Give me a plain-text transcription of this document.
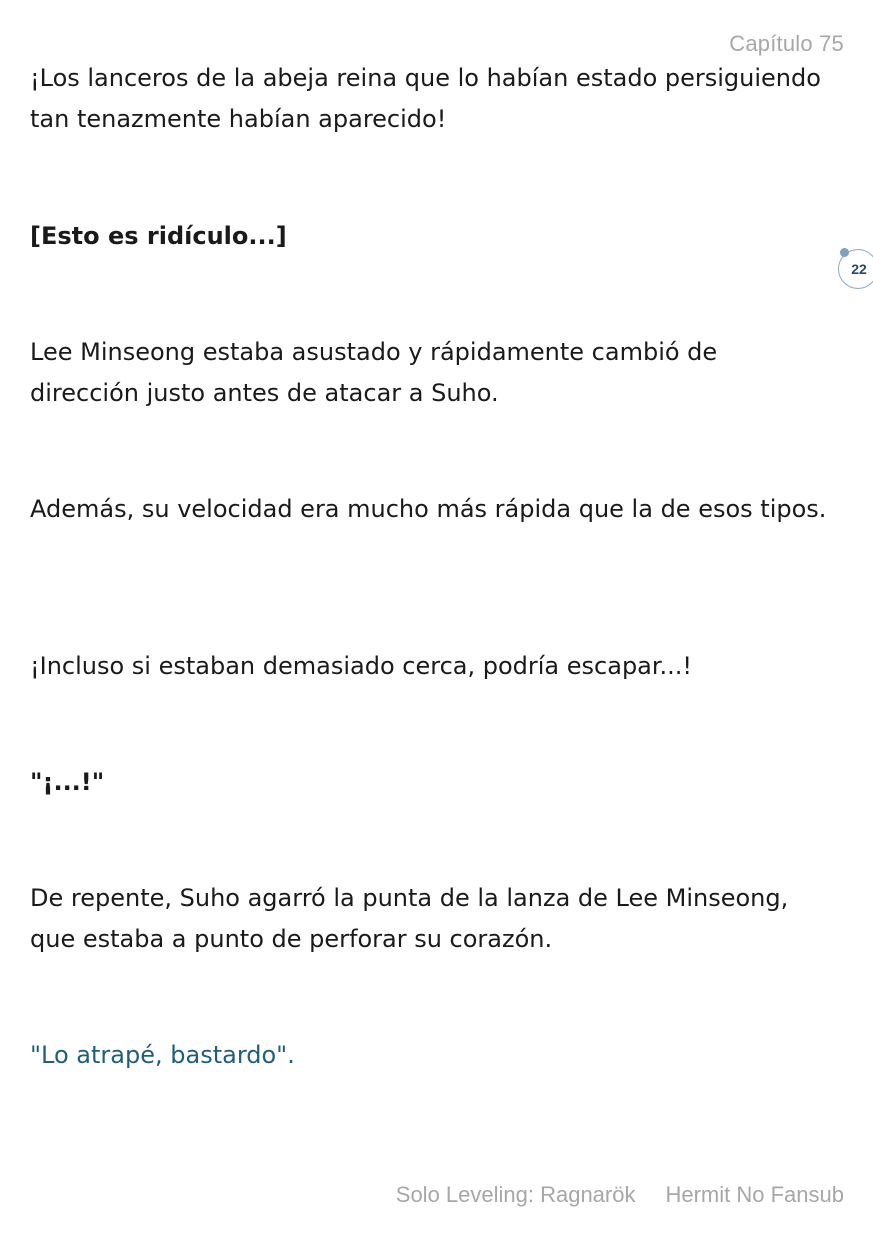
Capítulo 75

¡Los lanceros de la abeja reina que lo habían estado persiguiendo tan tenazmente habían aparecido!

[Esto es ridículo...]

Lee Minseong estaba asustado y rápidamente cambió de dirección justo antes de atacar a Suho.

Además, su velocidad era mucho más rápida que la de esos tipos.

¡Incluso si estaban demasiado cerca, podría escapar...!

"¡...!"

De repente, Suho agarró la punta de la lanza de Lee Minseong, que estaba a punto de perforar su corazón.

"Lo atrapé, bastardo".

22
Solo Leveling: Ragnarök Hermit No Fansub
